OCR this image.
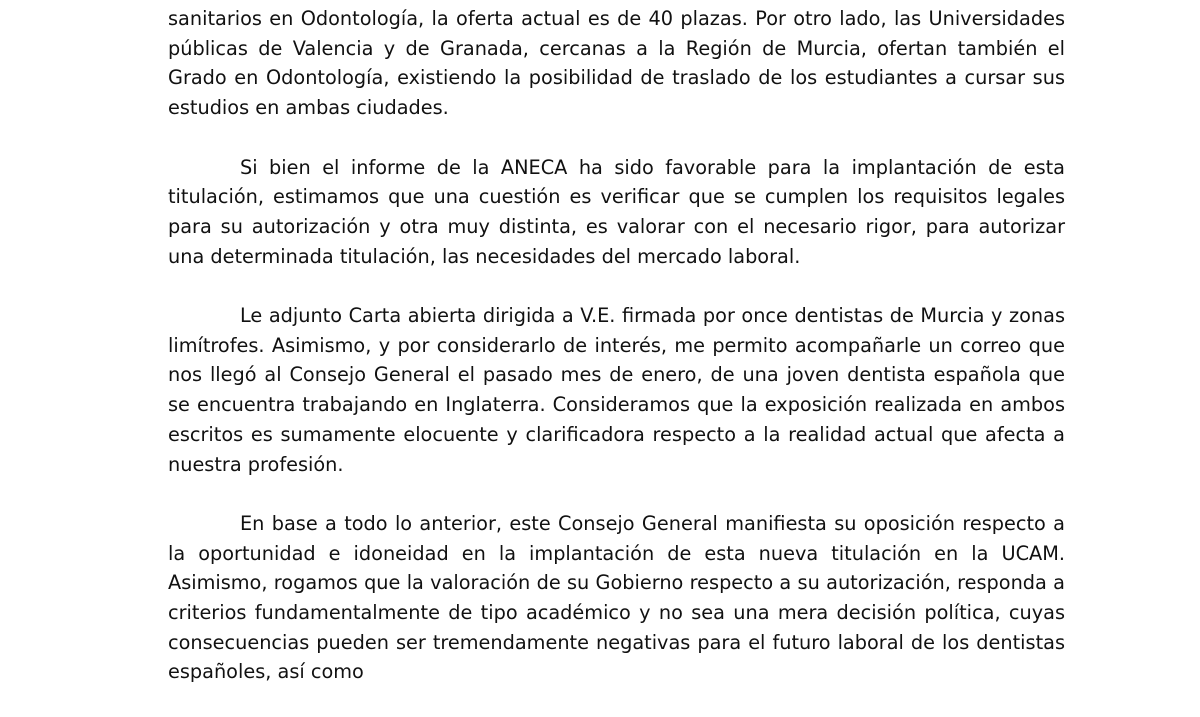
sanitarios en Odontología, la oferta actual es de 40 plazas. Por otro lado, las Universidades públicas de Valencia y de Granada, cercanas a la Región de Murcia, ofertan también el Grado en Odontología, existiendo la posibilidad de traslado de los estudiantes a cursar sus estudios en ambas ciudades.

Si bien el informe de la ANECA ha sido favorable para la implantación de esta titulación, estimamos que una cuestión es verificar que se cumplen los requisitos legales para su autorización y otra muy distinta, es valorar con el necesario rigor, para autorizar una determinada titulación, las necesidades del mercado laboral.

Le adjunto Carta abierta dirigida a V.E. firmada por once dentistas de Murcia y zonas limítrofes. Asimismo, y por considerarlo de interés, me permito acompañarle un correo que nos llegó al Consejo General el pasado mes de enero, de una joven dentista española que se encuentra trabajando en Inglaterra. Consideramos que la exposición realizada en ambos escritos es sumamente elocuente y clarificadora respecto a la realidad actual que afecta a nuestra profesión.

En base a todo lo anterior, este Consejo General manifiesta su oposición respecto a la oportunidad e idoneidad en la implantación de esta nueva titulación en la UCAM. Asimismo, rogamos que la valoración de su Gobierno respecto a su autorización, responda a criterios fundamentalmente de tipo académico y no sea una mera decisión política, cuyas consecuencias pueden ser tremendamente negativas para el futuro laboral de los dentistas españoles, así como
